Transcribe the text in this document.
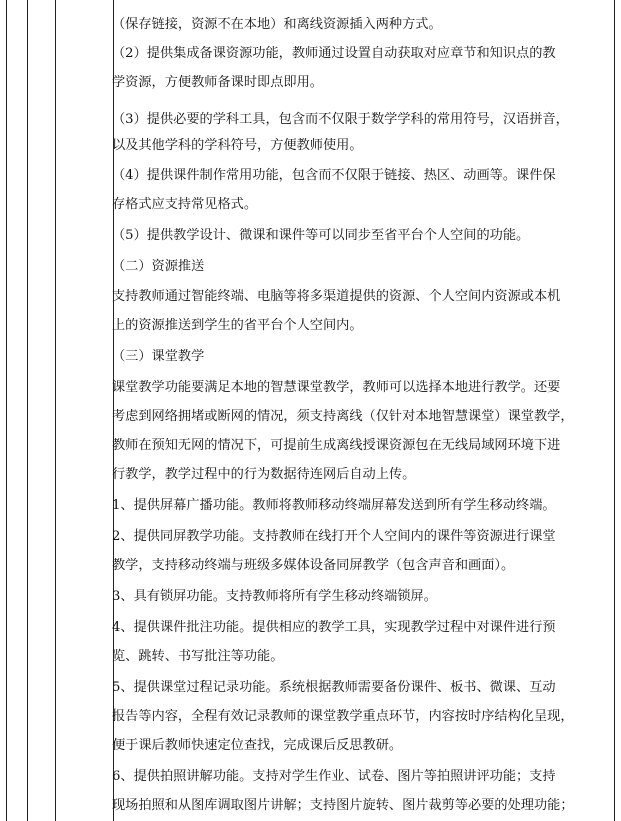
（保存链接，资源不在本地）和离线资源插入两种方式。
（2）提供集成备课资源功能，教师通过设置自动获取对应章节和知识点的教
学资源，方便教师备课时即点即用。
（3）提供必要的学科工具，包含而不仅限于数学学科的常用符号，汉语拼音，
以及其他学科的学科符号，方便教师使用。
（4）提供课件制作常用功能，包含而不仅限于链接、热区、动画等。课件保
存格式应支持常见格式。
（5）提供教学设计、微课和课件等可以同步至省平台个人空间的功能。
（二）资源推送
支持教师通过智能终端、电脑等将多渠道提供的资源、个人空间内资源或本机
上的资源推送到学生的省平台个人空间内。
（三）课堂教学
课堂教学功能要满足本地的智慧课堂教学，教师可以选择本地进行教学。还要
考虑到网络拥堵或断网的情况，须支持离线（仅针对本地智慧课堂）课堂教学，
教师在预知无网的情况下，可提前生成离线授课资源包在无线局域网环境下进
行教学，教学过程中的行为数据待连网后自动上传。
1、提供屏幕广播功能。教师将教师移动终端屏幕发送到所有学生移动终端。
2、提供同屏教学功能。支持教师在线打开个人空间内的课件等资源进行课堂
教学，支持移动终端与班级多媒体设备同屏教学（包含声音和画面）。
3、具有锁屏功能。支持教师将所有学生移动终端锁屏。
4、提供课件批注功能。提供相应的教学工具，实现教学过程中对课件进行预
览、跳转、书写批注等功能。
5、提供课堂过程记录功能。系统根据教师需要备份课件、板书、微课、互动
报告等内容，全程有效记录教师的课堂教学重点环节，内容按时序结构化呈现，
便于课后教师快速定位查找，完成课后反思教研。
6、提供拍照讲解功能。支持对学生作业、试卷、图片等拍照讲评功能；支持
现场拍照和从图库调取图片讲解；支持图片旋转、图片裁剪等必要的处理功能；
